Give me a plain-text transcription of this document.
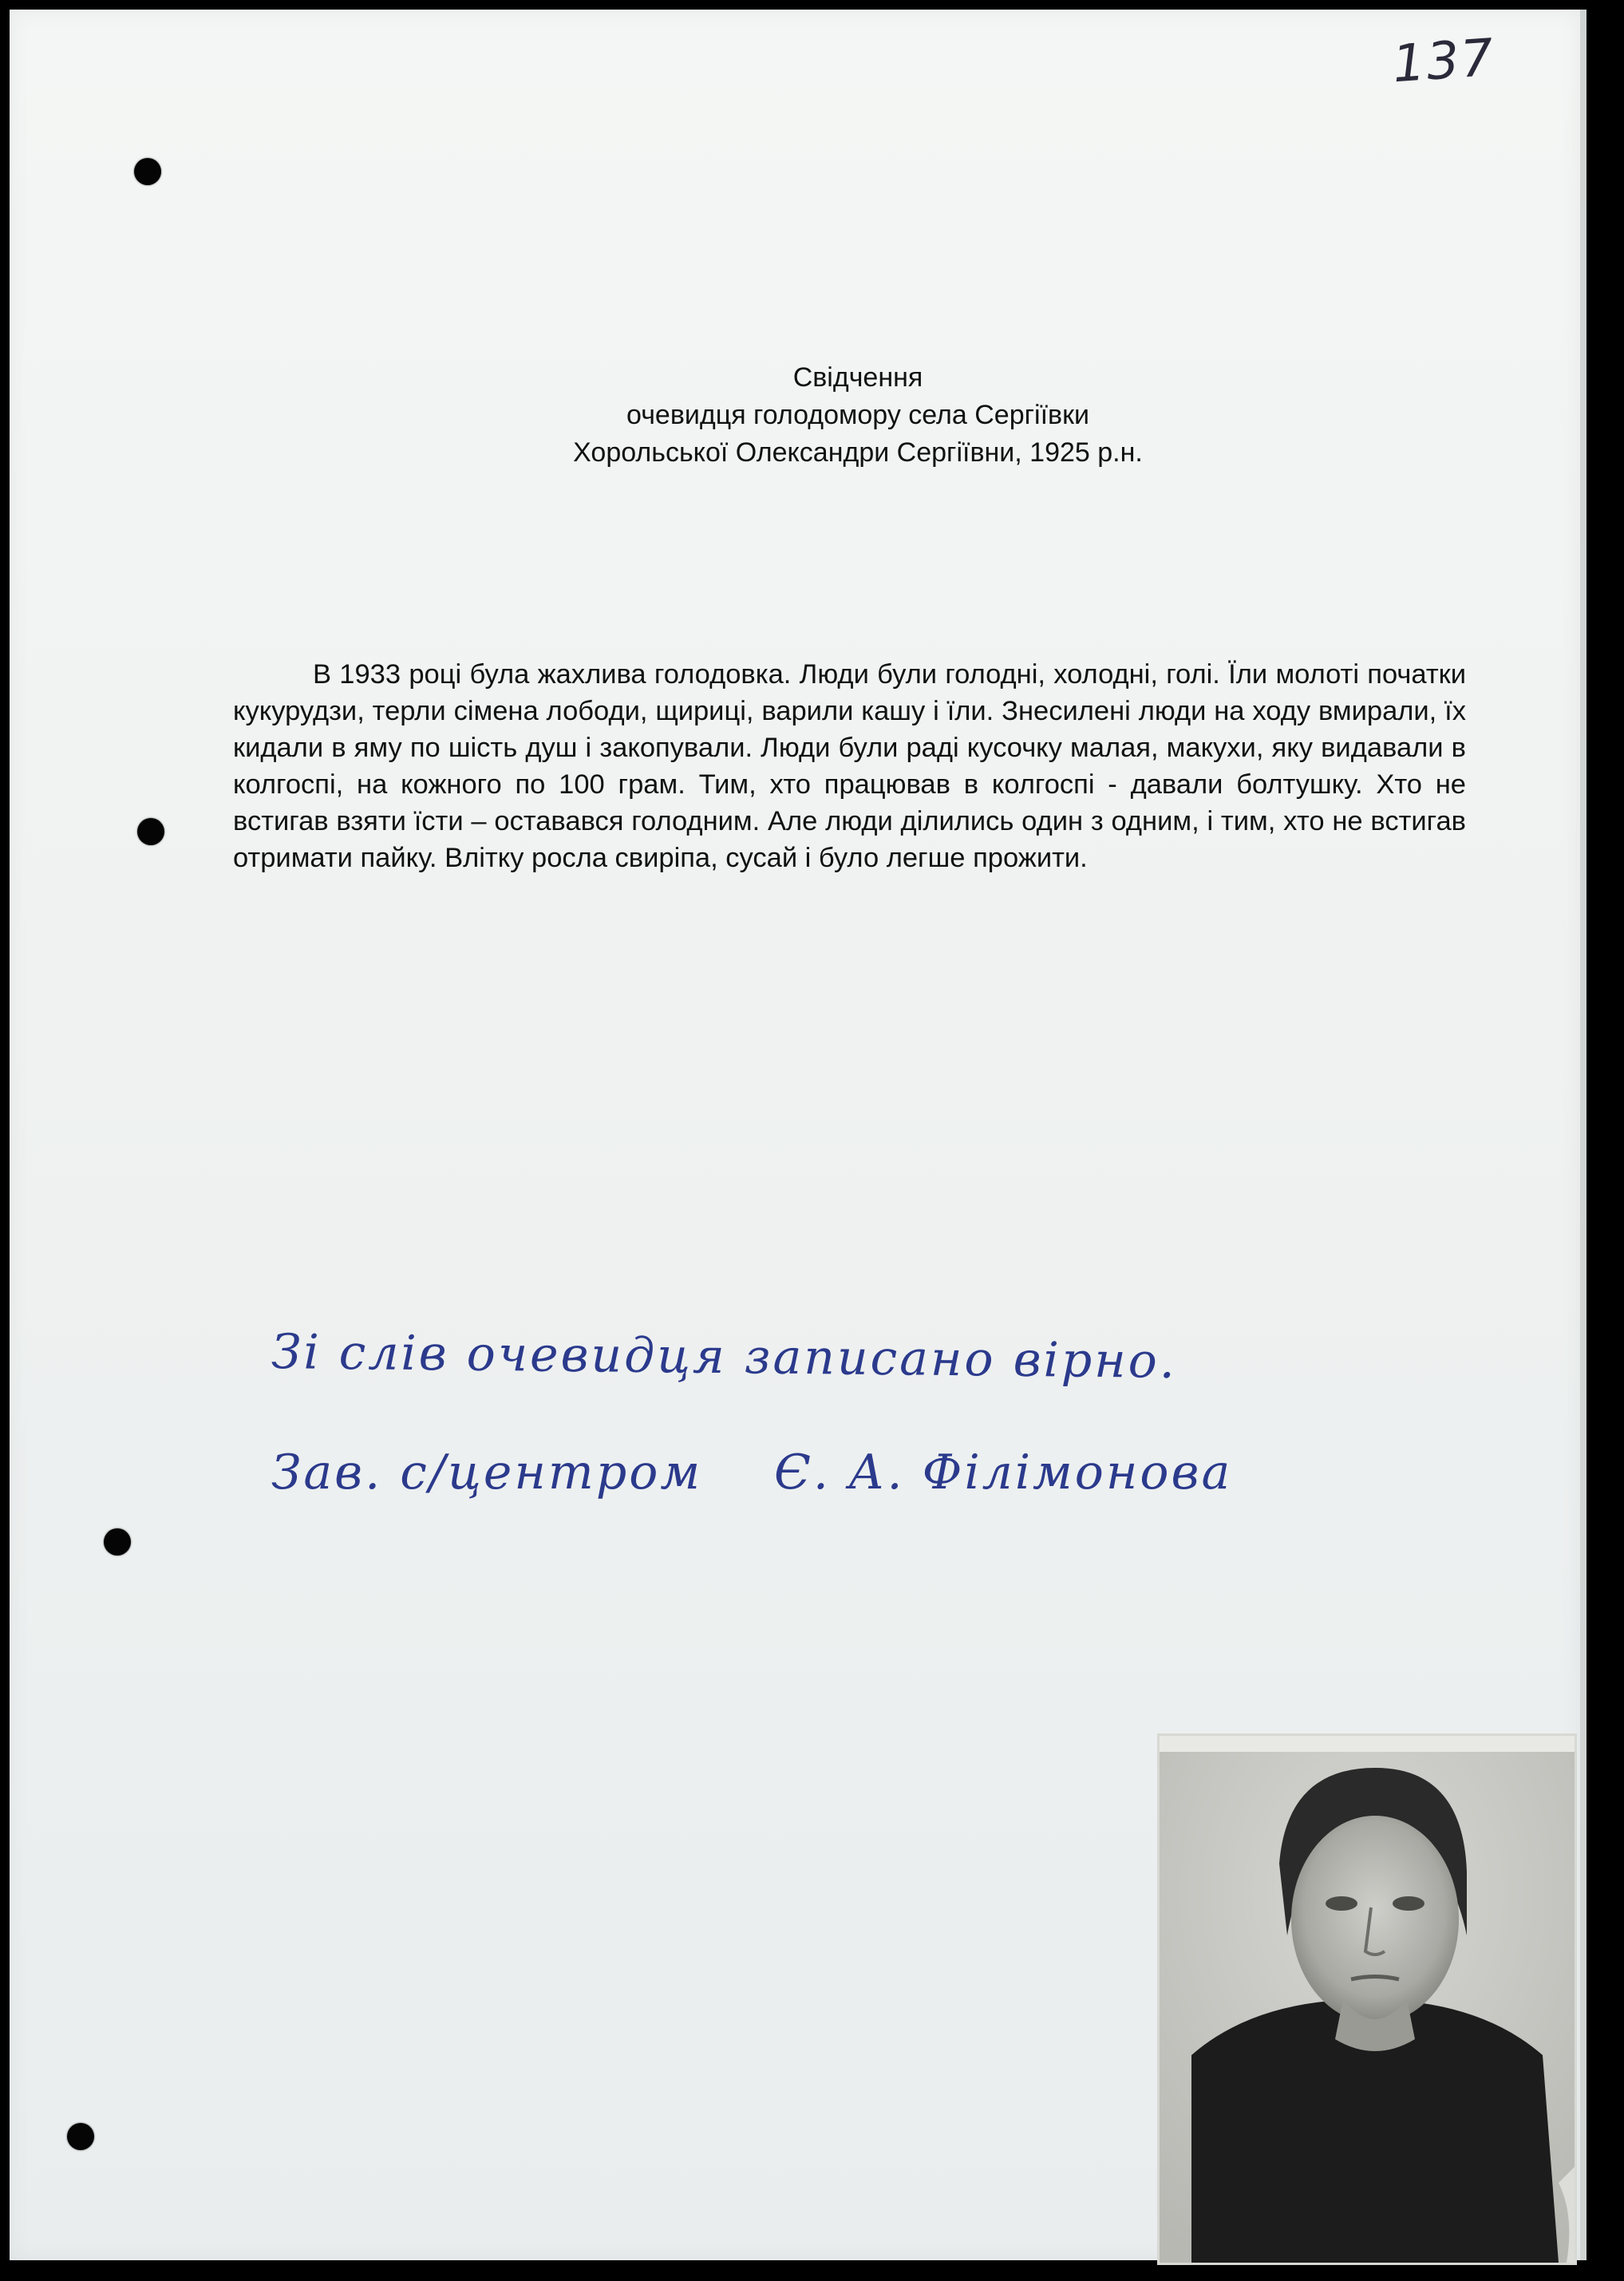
137
Свідчення
очевидця голодомору села Сергіївки
Хорольської Олександри Сергіївни, 1925 р.н.
В 1933 році була жахлива голодовка. Люди були голодні, холодні, голі. Їли молоті початки кукурудзи, терли сімена лободи, щириці, варили кашу і їли. Знесилені люди на ходу вмирали, їх кидали в яму по шість душ і закопували. Люди були раді кусочку малая, макухи, яку видавали в колгоспі, на кожного по 100 грам. Тим, хто працював в колгоспі - давали болтушку. Хто не встигав взяти їсти – оставався голодним. Але люди ділились один з одним, і тим, хто не встигав отримати пайку. Влітку росла свиріпа, сусай і було легше прожити.
Зі слів очевидця записано вірно.
Зав. с/центром Є. А. Філімонова
